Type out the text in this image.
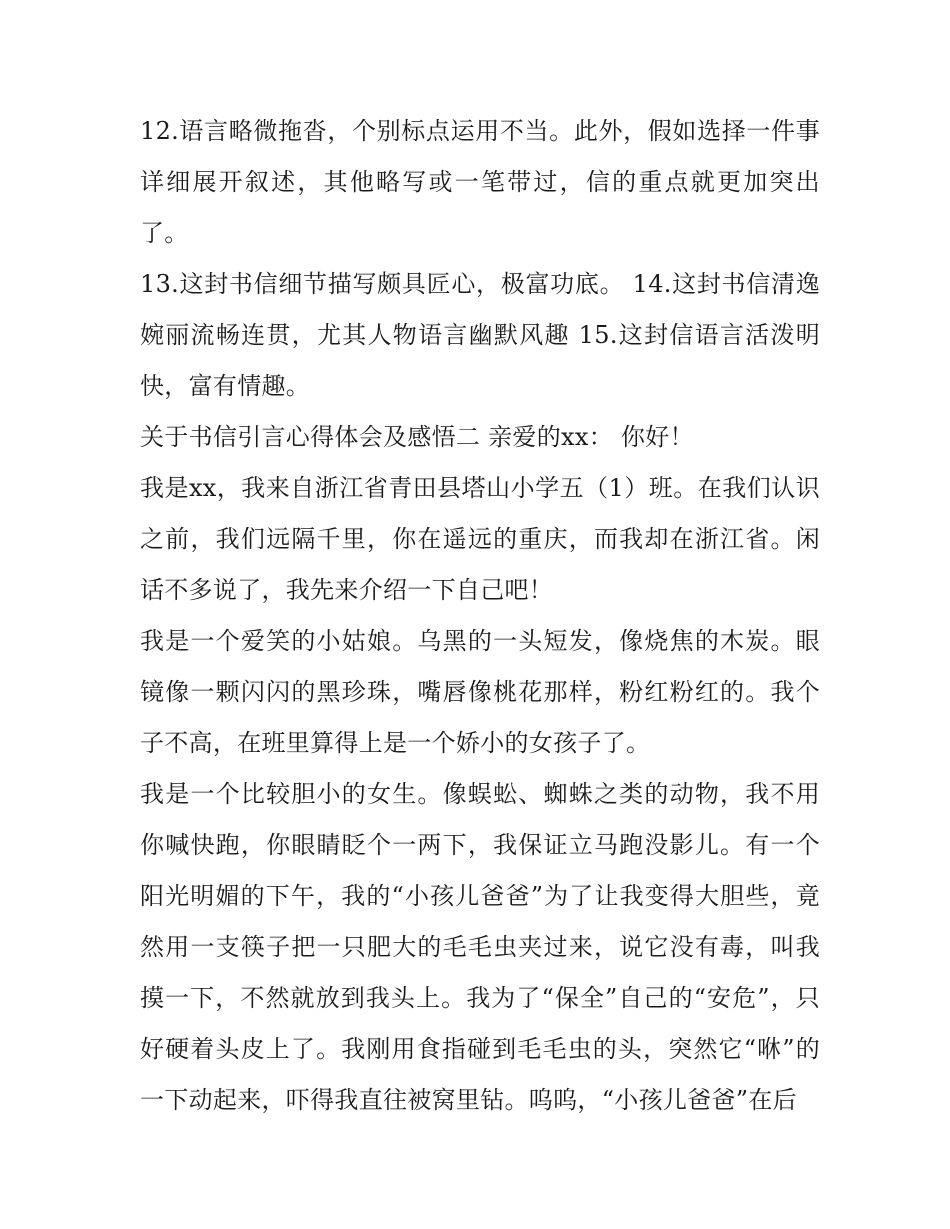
12.语言略微拖沓，个别标点运用不当。此外，假如选择一件事详细展开叙述，其他略写或一笔带过，信的重点就更加突出了。

13.这封书信细节描写颇具匠心，极富功底。 14.这封书信清逸婉丽流畅连贯，尤其人物语言幽默风趣 15.这封信语言活泼明快，富有情趣。

关于书信引言心得体会及感悟二 亲爱的xx： 你好！

我是xx，我来自浙江省青田县塔山小学五（1）班。在我们认识之前，我们远隔千里，你在遥远的重庆，而我却在浙江省。闲话不多说了，我先来介绍一下自己吧！

我是一个爱笑的小姑娘。乌黑的一头短发，像烧焦的木炭。眼镜像一颗闪闪的黑珍珠，嘴唇像桃花那样，粉红粉红的。我个子不高，在班里算得上是一个娇小的女孩子了。

我是一个比较胆小的女生。像蜈蚣、蜘蛛之类的动物，我不用你喊快跑，你眼睛眨个一两下，我保证立马跑没影儿。有一个阳光明媚的下午，我的“小孩儿爸爸”为了让我变得大胆些，竟然用一支筷子把一只肥大的毛毛虫夹过来，说它没有毒，叫我摸一下，不然就放到我头上。我为了“保全”自己的“安危”，只好硬着头皮上了。我刚用食指碰到毛毛虫的头，突然它“咻”的一下动起来，吓得我直往被窝里钻。呜呜，“小孩儿爸爸”在后
